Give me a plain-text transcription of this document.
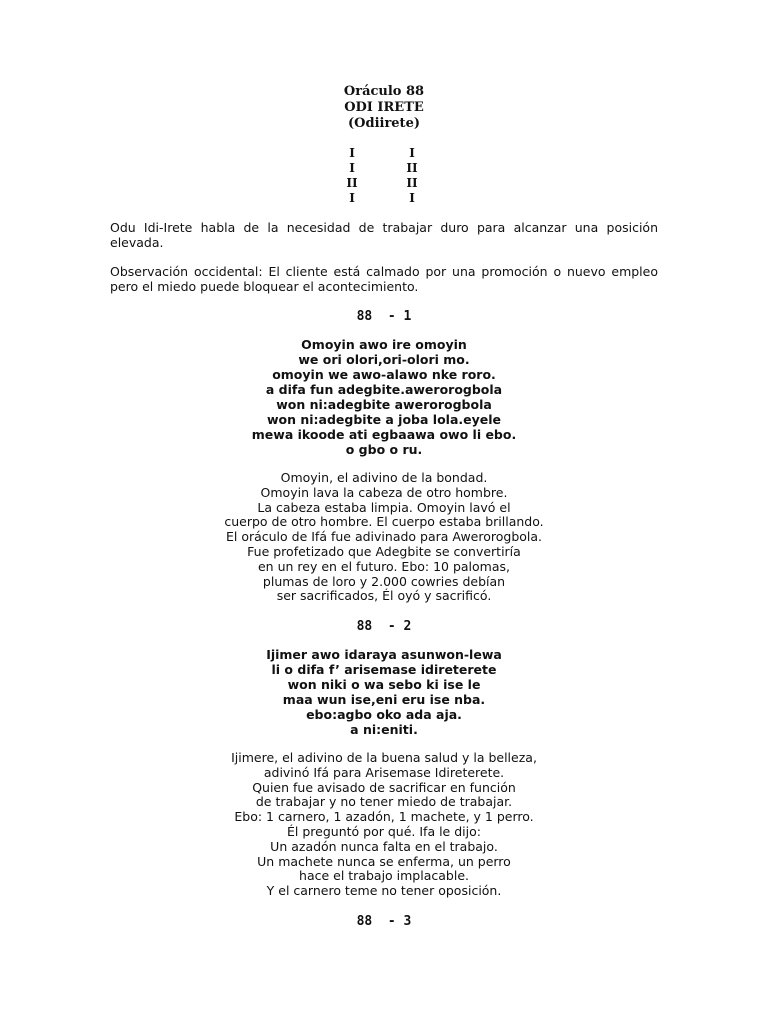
Oráculo 88
ODI IRETE
(Odiirete)
I	I
I	II
II	II
I	I
Odu Idi-Irete habla de la necesidad de trabajar duro para alcanzar una posición elevada.
Observación occidental: El cliente está calmado por una promoción o nuevo empleo pero el miedo puede bloquear el acontecimiento.
88  - 1
Omoyin awo ire omoyin
we ori olori,ori-olori mo.
omoyin we awo-alawo nke roro.
a difa fun adegbite.awerorogbola
won ni:adegbite awerorogbola
won ni:adegbite a joba lola.eyele
mewa ikoode ati egbaawa owo li ebo.
o gbo o ru.
Omoyin, el adivino de la bondad.
Omoyin lava la cabeza de otro hombre.
La cabeza estaba limpia. Omoyin lavó el
cuerpo de otro hombre. El cuerpo estaba brillando.
El oráculo de Ifá fue adivinado para Awerorogbola.
Fue profetizado que Adegbite se convertiría
en un rey en el futuro. Ebo: 10 palomas,
plumas de loro y 2.000 cowries debían
ser sacrificados, Él oyó y sacrificó.
88  - 2
Ijimer awo idaraya asunwon-lewa
li o difa f’ arisemase idireterete
won niki o wa sebo ki ise le
maa wun ise,eni eru ise nba.
ebo:agbo oko ada aja.
a ni:eniti.
Ijimere, el adivino de la buena salud y la belleza,
adivinó Ifá para Arisemase Idireterete.
Quien fue avisado de sacrificar en función
de trabajar y no tener miedo de trabajar.
Ebo: 1 carnero, 1 azadón, 1 machete, y 1 perro.
Él preguntó por qué. Ifa le dijo:
Un azadón nunca falta en el trabajo.
Un machete nunca se enferma, un perro
hace el trabajo implacable.
Y el carnero teme no tener oposición.
88  - 3
